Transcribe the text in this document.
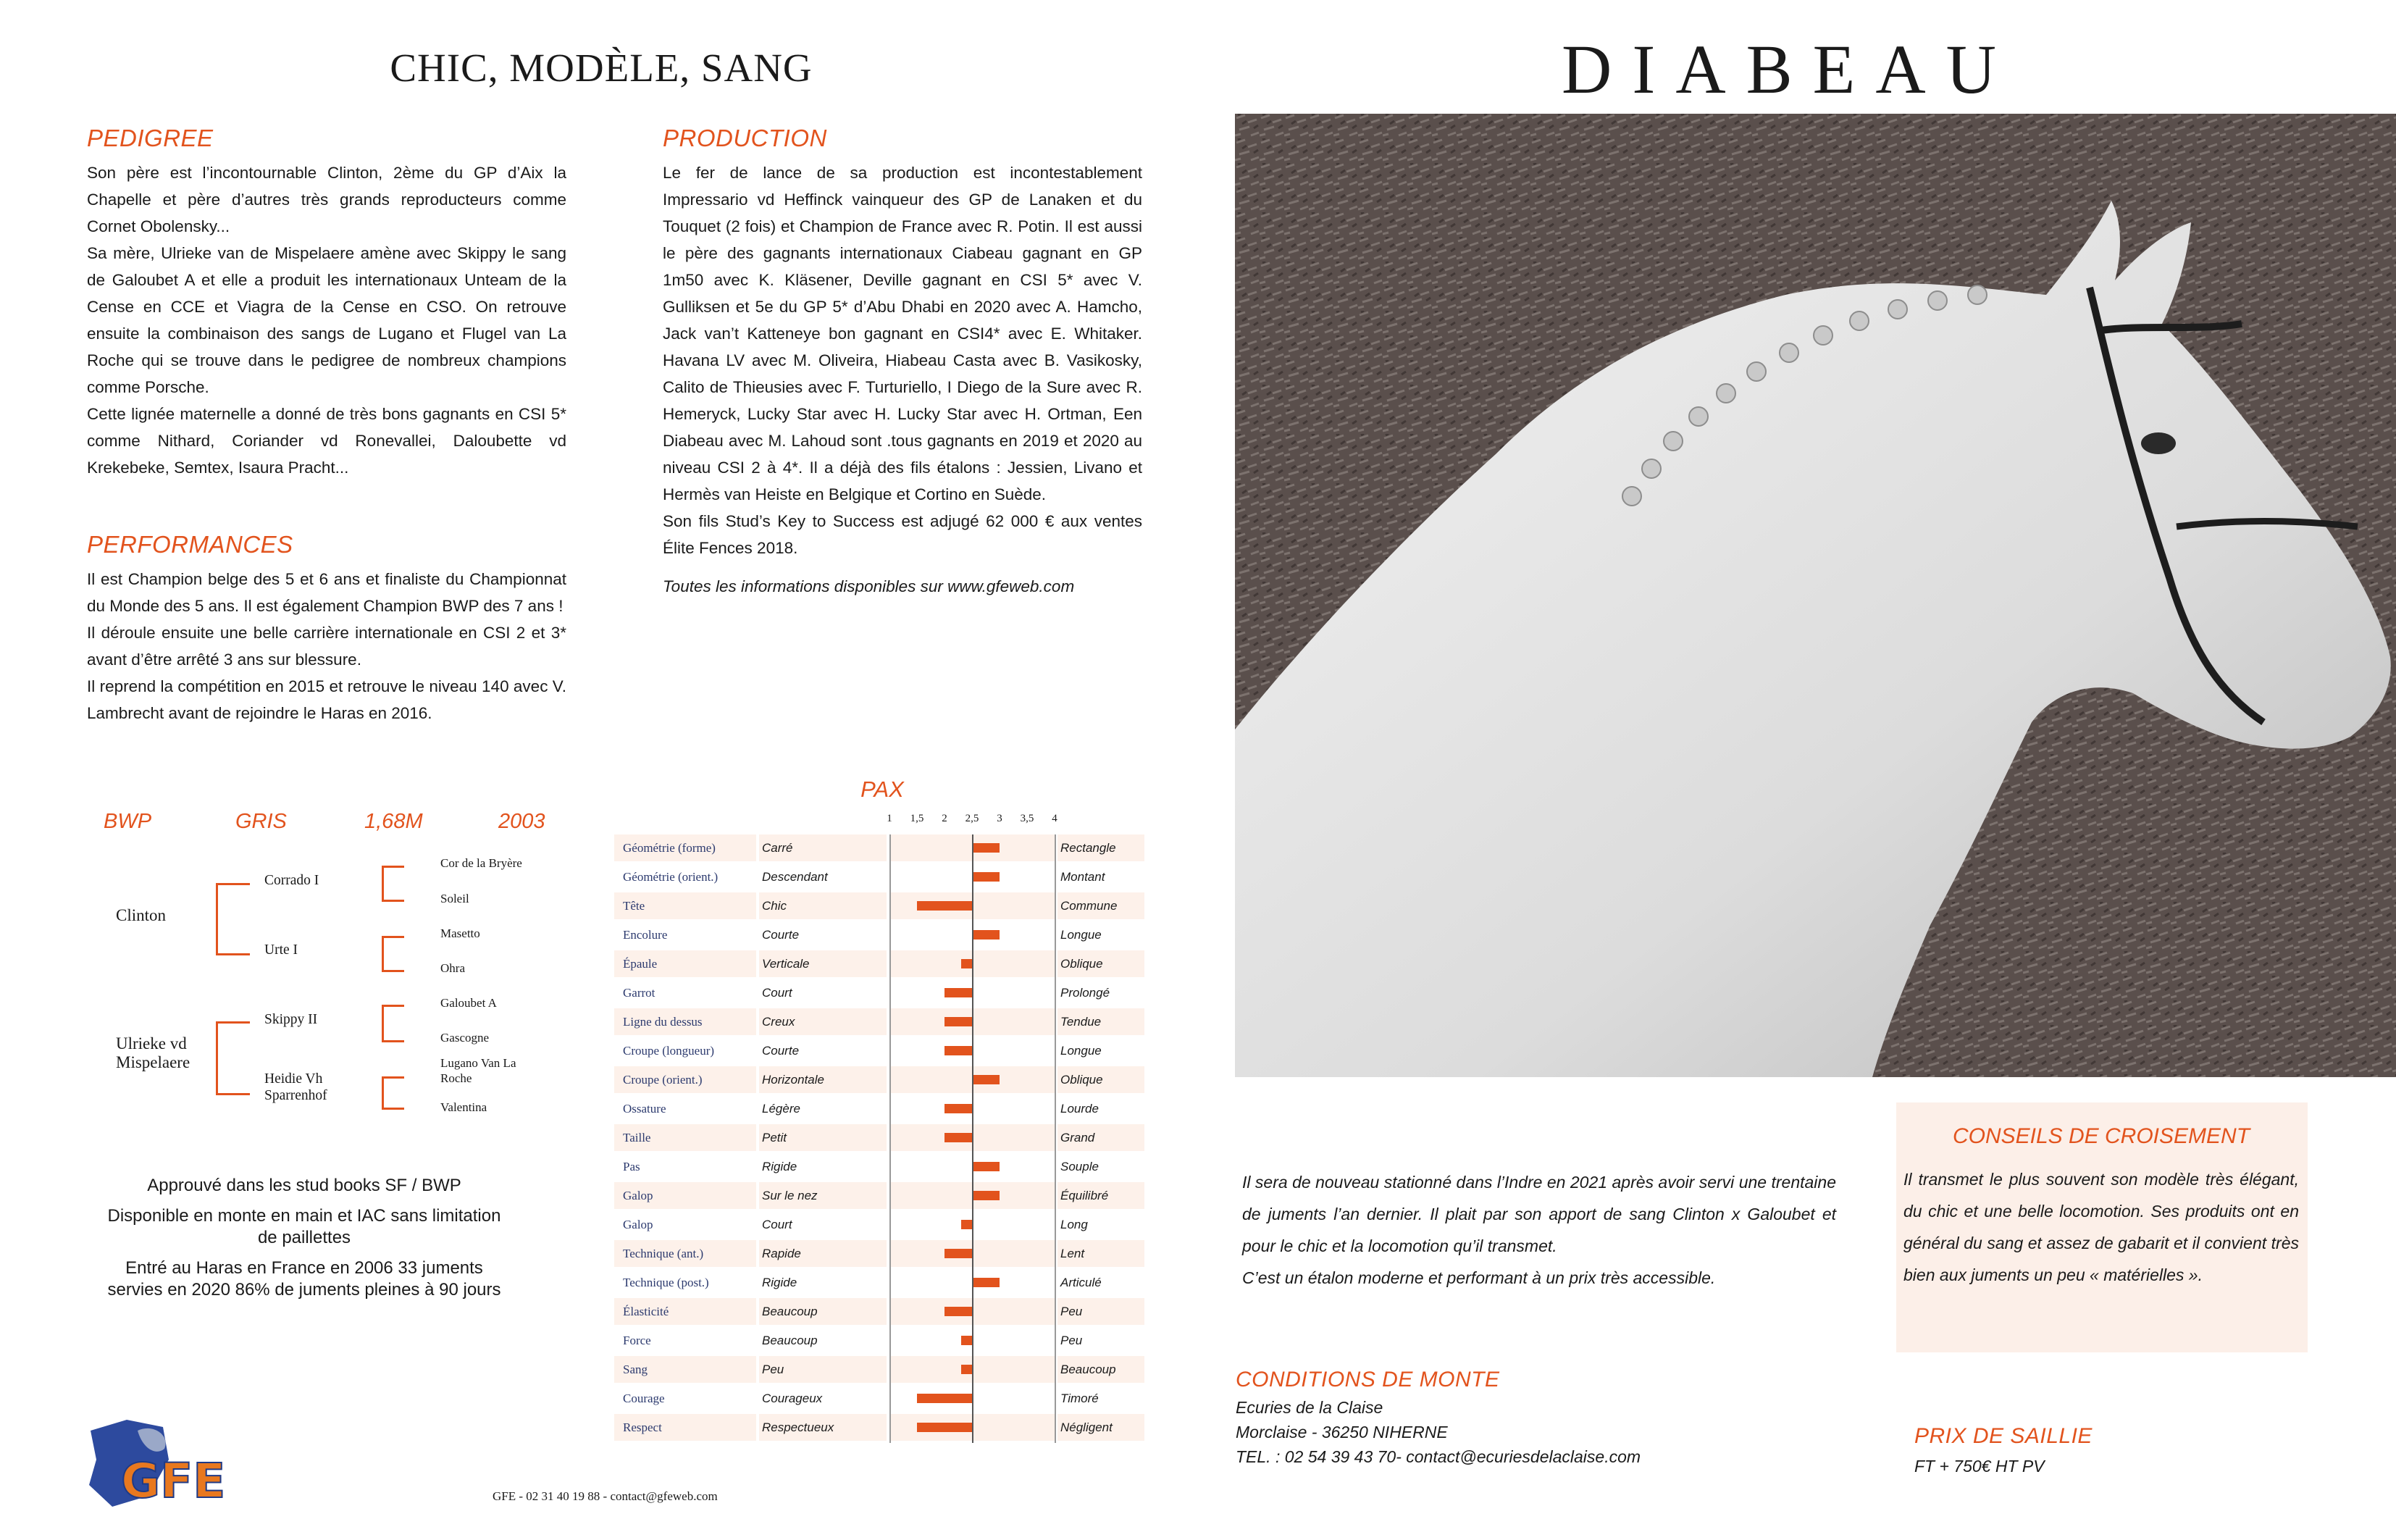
CHIC, MODÈLE, SANG	DIABEAU
PEDIGREE

Son père est l’incontournable Clinton, 2ème du GP d’Aix la Chapelle et père d’autres très grands reproducteurs comme Cornet Obolensky...

Sa mère, Ulrieke van de Mispelaere amène avec Skippy le sang de Galoubet A et elle a produit les internationaux Unteam de la Cense en CCE et Viagra de la Cense en CSO. On retrouve ensuite la combinaison des sangs de Lugano et Flugel van La Roche qui se trouve dans le pedigree de nombreux champions comme Porsche.

Cette lignée maternelle a donné de très bons gagnants en CSI 5* comme Nithard, Coriander vd Ronevallei, Daloubette vd Krekebeke, Semtex, Isaura Pracht...

PERFORMANCES

Il est Champion belge des 5 et 6 ans et finaliste du Championnat du Monde des 5 ans. Il est également Champion BWP des 7 ans !

Il déroule ensuite une belle carrière internationale en CSI 2 et 3* avant d’être arrêté 3 ans sur blessure.

Il reprend la compétition en 2015 et retrouve le niveau 140 avec V. Lambrecht avant de rejoindre le Haras en 2016.

PRODUCTION

Le fer de lance de sa production est incontestablement Impressario vd Heffinck vainqueur des GP de Lanaken et du Touquet (2 fois) et Champion de France avec R. Potin. Il est aussi le père des gagnants internationaux Ciabeau gagnant en GP 1m50 avec K. Kläsener, Deville gagnant en CSI 5* avec V. Gulliksen et 5e du GP 5* d’Abu Dhabi en 2020 avec A. Hamcho, Jack van’t Katteneye bon gagnant en CSI4* avec E. Whitaker. Havana LV avec M. Oliveira, Hiabeau Casta avec B. Vasikosky, Calito de Thieusies avec F. Turturiello, I Diego de la Sure avec R. Hemeryck, Lucky Star avec H. Lucky Star avec H. Ortman, Een Diabeau avec M. Lahoud sont .tous gagnants en 2019 et 2020 au niveau CSI 2 à 4*. Il a déjà des fils étalons : Jessien, Livano et Hermès van Heiste en Belgique et Cortino en Suède.

Son fils Stud’s Key to Success est adjugé 62 000 € aux ventes Élite Fences 2018.

Toutes les informations disponibles sur www.gfeweb.com
BWP	GRIS	1,68M	2003
Clinton
Ulrieke vd Mispelaere
Corrado I
Urte I
Skippy II
Heidie Vh Sparrenhof
Cor de la Bryère
Soleil
Masetto
Ohra
Galoubet A
Gascogne
Lugano Van La Roche
Valentina

Approuvé dans les stud books SF / BWP

Disponible en monte en main et IAC sans limitation de paillettes

Entré au Haras en France en 2006 33 juments servies en 2020 86% de juments pleines à 90 jours

PAX
1 1,5 2 2,5 3 3,5 4
Géométrie (forme)	Carré	Rectangle
Géométrie (orient.)	Descendant	Montant
Tête	Chic	Commune
Encolure	Courte	Longue
Épaule	Verticale	Oblique
Garrot	Court	Prolongé
Ligne du dessus	Creux	Tendue
Croupe (longueur)	Courte	Longue
Croupe (orient.)	Horizontale	Oblique
Ossature	Légère	Lourde
Taille	Petit	Grand
Pas	Rigide	Souple
Galop	Sur le nez	Équilibré
Galop	Court	Long
Technique (ant.)	Rapide	Lent
Technique (post.)	Rigide	Articulé
Élasticité	Beaucoup	Peu
Force	Beaucoup	Peu
Sang	Peu	Beaucoup
Courage	Courageux	Timoré
Respect	Respectueux	Négligent

Il sera de nouveau stationné dans l’Indre en 2021 après avoir servi une trentaine de juments l’an dernier. Il plait par son apport de sang Clinton x Galoubet et pour le chic et la locomotion qu’il transmet.

C’est un étalon moderne et performant à un prix très accessible.

CONSEILS DE CROISEMENT
Il transmet le plus souvent son modèle très élégant, du chic et une belle locomotion. Ses produits ont en général du sang et assez de gabarit et il convient très bien aux juments un peu « matérielles ».
CONDITIONS DE MONTE
Ecuries de la Claise
Morclaise - 36250 NIHERNE
TEL. : 02 54 39 43 70- contact@ecuriesdelaclaise.com
PRIX DE SAILLIE
FT + 750€ HT PV
GFE	GFE - 02 31 40 19 88 - contact@gfeweb.com
